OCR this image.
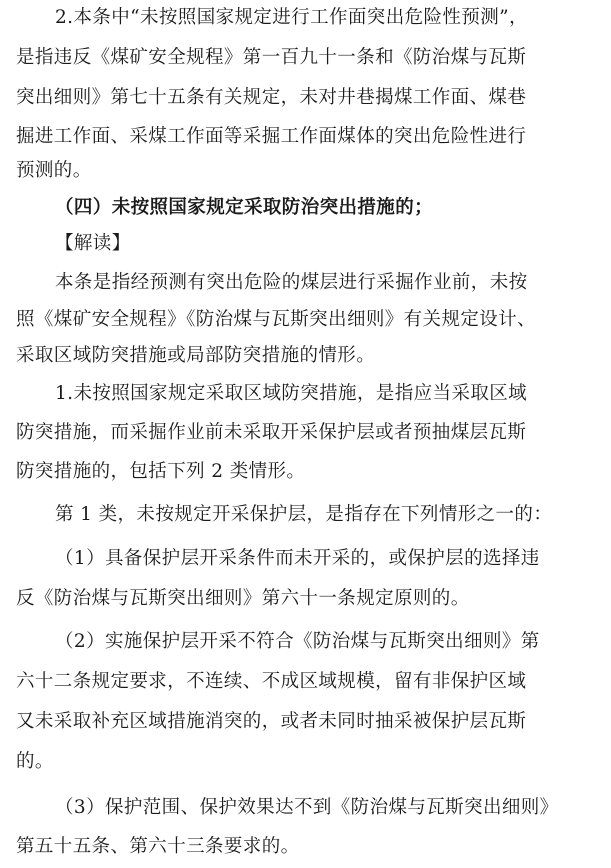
2.本条中“未按照国家规定进行工作面突出危险性预测”，
是指违反《煤矿安全规程》第一百九十一条和《防治煤与瓦斯
突出细则》第七十五条有关规定，未对井巷揭煤工作面、煤巷
掘进工作面、采煤工作面等采掘工作面煤体的突出危险性进行
预测的。
（四）未按照国家规定采取防治突出措施的；
【解读】
本条是指经预测有突出危险的煤层进行采掘作业前，未按
照《煤矿安全规程》《防治煤与瓦斯突出细则》有关规定设计、
采取区域防突措施或局部防突措施的情形。
1.未按照国家规定采取区域防突措施，是指应当采取区域
防突措施，而采掘作业前未采取开采保护层或者预抽煤层瓦斯
防突措施的，包括下列 2 类情形。
第 1 类，未按规定开采保护层，是指存在下列情形之一的：
（1）具备保护层开采条件而未开采的，或保护层的选择违
反《防治煤与瓦斯突出细则》第六十一条规定原则的。
（2）实施保护层开采不符合《防治煤与瓦斯突出细则》第
六十二条规定要求，不连续、不成区域规模，留有非保护区域
又未采取补充区域措施消突的，或者未同时抽采被保护层瓦斯
的。
（3）保护范围、保护效果达不到《防治煤与瓦斯突出细则》
第五十五条、第六十三条要求的。
